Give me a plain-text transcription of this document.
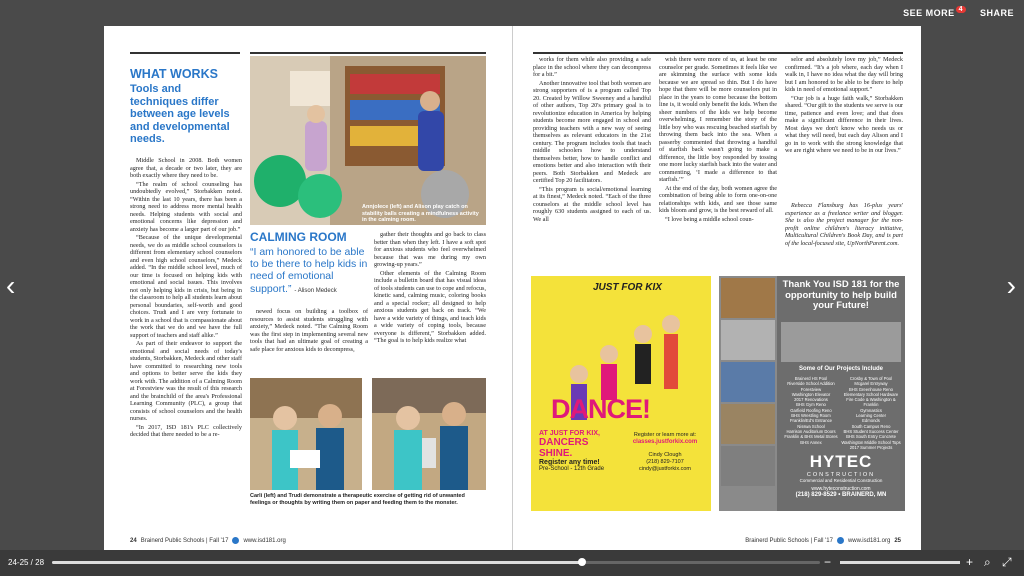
SEE MORE 4	SHARE
‹	›
WHAT WORKS
Tools and techniques differ between age levels and developmental needs.

Middle School in 2008. Both women agree that, a decade or two later, they are both exactly where they need to be.

“The realm of school counseling has undoubtedly evolved,” Storbakken noted. “Within the last 10 years, there has been a strong need to address more mental health needs. Helping students with social and emotional concerns like depression and anxiety has become a larger part of our job.”

“Because of the unique developmental needs, we do as middle school counselors is different from elementary school counselors and even high school counselors,” Medeck added. “In the middle school level, much of our time is focused on helping kids with emotional and social issues. This involves not only helping kids in crisis, but being in the classroom to help all students learn about personal boundaries, self-worth and good choices. Trudi and I are very fortunate to work in a school that is compassionate about the work that we do and we have the full support of teachers and staff alike.”

As part of their endeavor to support the emotional and social needs of today's students, Storbakken, Medeck and other staff have committed to researching new tools and options to better serve the kids they work with. The addition of a Calming Room at Forestview was the result of this research and the brainchild of the area's Professional Learning Community (PLC), a group that consists of school counselors and the health nurses.

“In 2017, ISD 181's PLC collectively decided that there needed to be a re-

Annjolece (left) and Alison play catch on stability balls creating a mindfulness activity in the calming room.
CALMING ROOM
“I am honored to be able to be there to help kids in need of emotional support.” - Alison Medeck

newed focus on building a toolbox of resources to assist students struggling with anxiety,” Medeck noted. “The Calming Room was the first step in implementing several new tools that had an ultimate goal of creating a safe place for anxious kids to decompress,

gather their thoughts and go back to class better than when they left. I have a soft spot for anxious students who feel overwhelmed because that was me during my own growing-up years.”

Other elements of the Calming Room include a bulletin board that has visual ideas of tools students can use to cope and refocus, kinetic sand, calming music, coloring books and a special rocker; all designed to help anxious students get back on track. “We have a wide variety of things, and teach kids a wide variety of coping tools, because everyone is different,” Storbakken added. “The goal is to help kids realize what

Carli (left) and Trudi demonstrate a therapeutic exercise of getting rid of unwanted feelings or thoughts by writing them on paper and feeding them to the monster.
24 Brainerd Public Schools | Fall '17	www.isd181.org

works for them while also providing a safe place in the school where they can decompress for a bit.”

Another innovative tool that both women are strong supporters of is a program called Top 20. Created by Willow Sweeney and a handful of other authors, Top 20's primary goal is to revolutionize education in America by helping students become more engaged in school and providing teachers with a new way of seeing themselves as relevant educators in the 21st century. The program includes tools that teach middle schoolers how to understand themselves better, how to handle conflict and emotions better and also interaction with their peers. Both Storbakken and Medeck are certified Top 20 facilitators.

“This program is social/emotional learning at its finest,” Medeck noted. “Each of the three counselors at the middle school level has roughly 630 students assigned to each of us. We all

wish there were more of us, at least be one counselor per grade. Sometimes it feels like we are skimming the surface with some kids because we are spread so thin. But I do have hope that there will be more counselors put in place in the years to come because the bottom line is, it would only benefit the kids. When the sheer numbers of the kids we help become overwhelming, I remember the story of the little boy who was rescuing beached starfish by throwing them back into the sea. When a passerby commented that throwing a handful of starfish back wasn't going to make a difference, the little boy responded by tossing one more lucky starfish back into the water and commenting, ‘I made a difference to that starfish.’”

At the end of the day, both women agree the combination of being able to form one-on-one relationships with kids, and see those same kids bloom and grow, is the best reward of all.

“I love being a middle school coun-

selor and absolutely love my job,” Medeck confirmed. “It's a job where, each day when I walk in, I have no idea what the day will bring but I am honored to be able to be there to help kids in need of emotional support.”

“Our job is a huge faith walk,” Storbakken shared. “Our gift to the students we serve is our time, patience and even love; and that does make a significant difference in their lives. Most days we don't know who needs us or what they will need, but each day Alison and I go in to work with the strong knowledge that we are right where we need to be in our lives.”

Rebecca Flansburg has 16-plus years' experience as a freelance writer and blogger. She is also the project manager for the non-profit online children's literacy initiative, Multicultural Children's Book Day, and is part of the local-focused site, UpNorthParent.com.

JUST FOR KIX
DANCE!
AT JUST FOR KIX,
DANCERS SHINE.
Register any time!
Pre-School - 12th Grade
Register or learn more at:
classes.justforkix.com
Cindy Clough
(218) 829-7107
cindy@justforkix.com
Thank You ISD 181 for the opportunity to help build your Future!
Some of Our Projects Include
Brainerd HS Pool
Riverside School Addition
Forestview
Washington Elevator
2017 Renovations
BHS Gym Reno
Garfield Roofing Reno
BHS Wrestling Room
Franklin/Ed's Entrance
Nisswa School
Harrison Auditorium Doors
Franklin & BHS Metal Stores
BHS Annex
Crosby & Town of Pool
Mcgarel Entryway
BHS Greenhouse Reno
Elementary School Hardware
Fire Code & Washington & Franklin
Gymnastics
Learning Center
Edmonds
South Campus Reno
BHS Student Success Center
BHS South Entry Concrete
Washington Middle School Tops
2017 Summer Projects
HYTEC
CONSTRUCTION
Commercial and Residential Construction
www.hyteconstruction.com
(218) 829-8529 • BRAINERD, MN
Brainerd Public Schools | Fall '17	www.isd181.org 25
24-25 / 28	−	+ ⌕ ⤢
